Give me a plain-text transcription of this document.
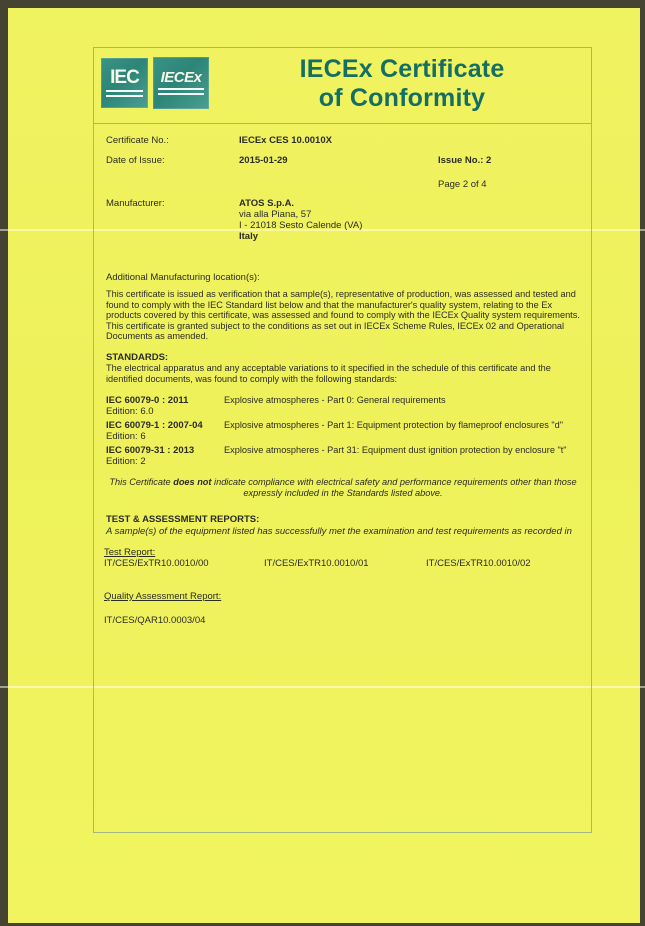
IEC	IECEx	IECEx Certificate
of Conformity
Certificate No.:	IECEx CES 10.0010X
Date of Issue:	2015-01-29	Issue No.: 2
Page 2 of 4
Manufacturer:	ATOS S.p.A.
via alla Piana, 57
I - 21018 Sesto Calende (VA)
Italy
Additional Manufacturing location(s):
This certificate is issued as verification that a sample(s), representative of production, was assessed and tested and found to comply with the IEC Standard list below and that the manufacturer's quality system, relating to the Ex products covered by this certificate, was assessed and found to comply with the IECEx Quality system requirements. This certificate is granted subject to the conditions as set out in IECEx Scheme Rules, IECEx 02 and Operational Documents as amended.
STANDARDS:
The electrical apparatus and any acceptable variations to it specified in the schedule of this certificate and the identified documents, was found to comply with the following standards:
IEC 60079-0 : 2011	Explosive atmospheres - Part 0: General requirements
Edition: 6.0
IEC 60079-1 : 2007-04 Explosive atmospheres - Part 1: Equipment protection by flameproof enclosures "d"
Edition: 6
IEC 60079-31 : 2013	Explosive atmospheres - Part 31: Equipment dust ignition protection by enclosure "t"
Edition: 2
This Certificate does not indicate compliance with electrical safety and performance requirements other than those expressly included in the Standards listed above.
TEST & ASSESSMENT REPORTS:
A sample(s) of the equipment listed has successfully met the examination and test requirements as recorded in
Test Report:
IT/CES/ExTR10.0010/00	IT/CES/ExTR10.0010/01	IT/CES/ExTR10.0010/02
Quality Assessment Report:
IT/CES/QAR10.0003/04
